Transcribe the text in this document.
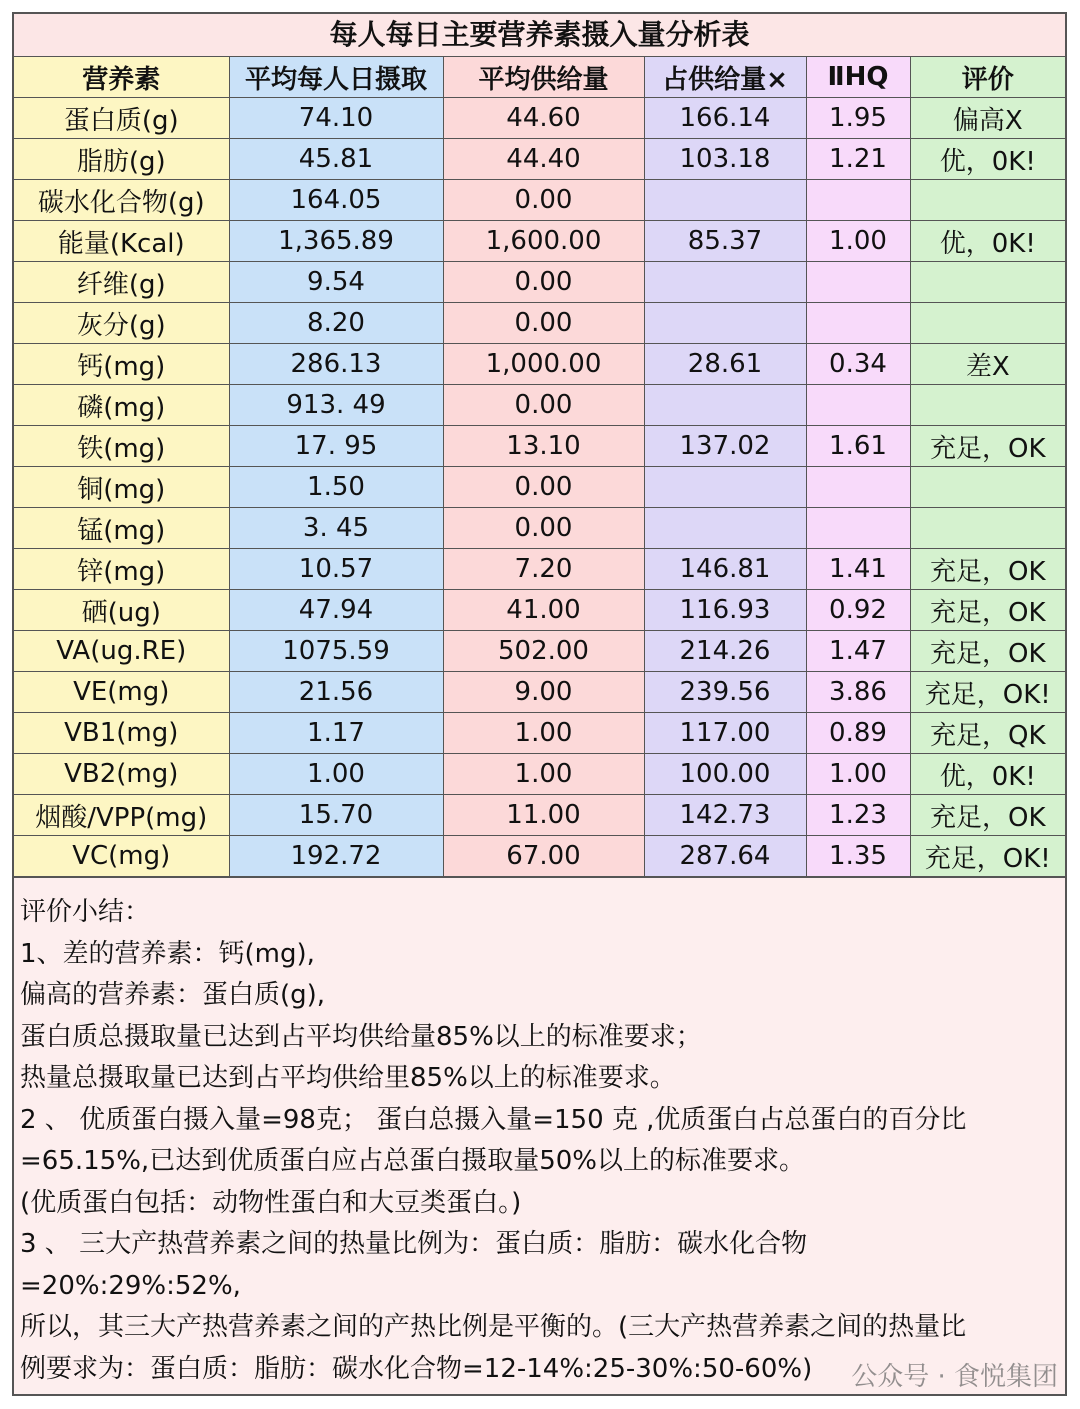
每人每日主要营养素摄入量分析表
营养素	平均每人日摄取	平均供给量	占供给量×	ⅡHQ	评价
蛋白质(g)	74.10	44.60	166.14	1.95	偏高X
脂肪(g)	45.81	44.40	103.18	1.21	优，0K!
碳水化合物(g)	164.05	0.00			
能量(Kcal)	1,365.89	1,600.00	85.37	1.00	优，0K!
纤维(g)	9.54	0.00			
灰分(g)	8.20	0.00			
钙(mg)	286.13	1,000.00	28.61	0.34	差X
磷(mg)	913. 49	0.00			
铁(mg)	17. 95	13.10	137.02	1.61	充足，OK
铜(mg)	1.50	0.00			
锰(mg)	3. 45	0.00			
锌(mg)	10.57	7.20	146.81	1.41	充足，OK
硒(ug)	47.94	41.00	116.93	0.92	充足，OK
VA(ug.RE)	1075.59	502.00	214.26	1.47	充足，OK
VE(mg)	21.56	9.00	239.56	3.86	充足，OK!
VB1(mg)	1.17	1.00	117.00	0.89	充足，QK
VB2(mg)	1.00	1.00	100.00	1.00	优，0K!
烟酸/VPP(mg)	15.70	11.00	142.73	1.23	充足，OK
VC(mg)	192.72	67.00	287.64	1.35	充足，OK!

评价小结：

1、差的营养素：钙(mg),

偏高的营养素：蛋白质(g),

蛋白质总摄取量已达到占平均供给量85%以上的标准要求；

热量总摄取量已达到占平均供给里85%以上的标准要求。

2 、 优质蛋白摄入量=98克； 蛋白总摄入量=150 克 ,优质蛋白占总蛋白的百分比

=65.15%,已达到优质蛋白应占总蛋白摄取量50%以上的标准要求。

(优质蛋白包括：动物性蛋白和大豆类蛋白。)

3 、 三大产热营养素之间的热量比例为：蛋白质：脂肪：碳水化合物

=20%:29%:52%,

所以，其三大产热营养素之间的产热比例是平衡的。(三大产热营养素之间的热量比

例要求为：蛋白质：脂肪：碳水化合物=12-14%:25-30%:50-60%)	公众号 · 食悦集团
